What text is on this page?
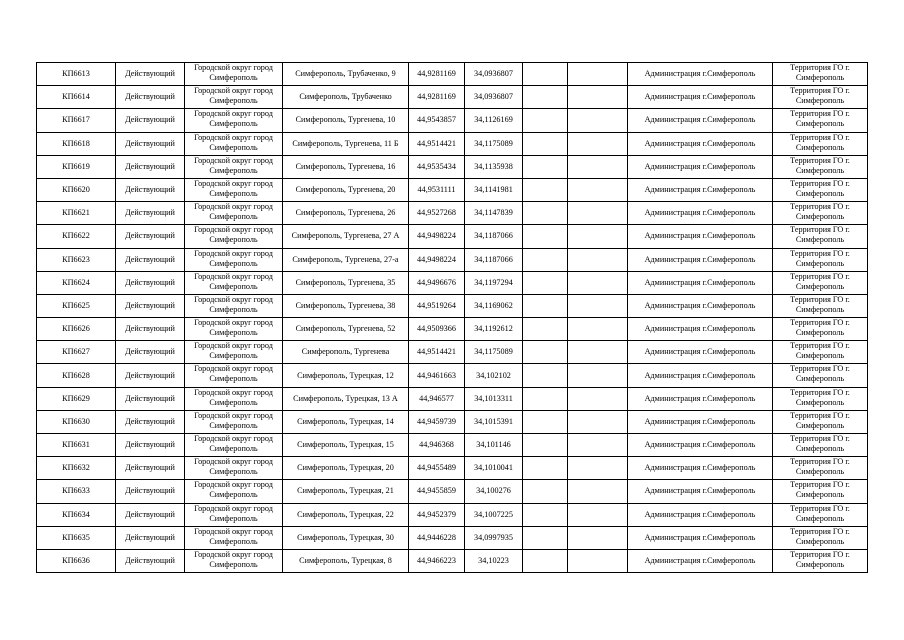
КП6613	Действующий	Городской округ город Симферополь	Симферополь, Трубаченко, 9	44,9281169	34,0936807			Администрация г.Симферополь	Территория ГО г. Симферополь
КП6614	Действующий	Городской округ город Симферополь	Симферополь, Трубаченко	44,9281169	34,0936807			Администрация г.Симферополь	Территория ГО г. Симферополь
КП6617	Действующий	Городской округ город Симферополь	Симферополь, Тургенева, 10	44,9543857	34,1126169			Администрация г.Симферополь	Территория ГО г. Симферополь
КП6618	Действующий	Городской округ город Симферополь	Симферополь, Тургенева, 11 Б	44,9514421	34,1175089			Администрация г.Симферополь	Территория ГО г. Симферополь
КП6619	Действующий	Городской округ город Симферополь	Симферополь, Тургенева, 16	44,9535434	34,1135938			Администрация г.Симферополь	Территория ГО г. Симферополь
КП6620	Действующий	Городской округ город Симферополь	Симферополь, Тургенева, 20	44,9531111	34,1141981			Администрация г.Симферополь	Территория ГО г. Симферополь
КП6621	Действующий	Городской округ город Симферополь	Симферополь, Тургенева, 26	44,9527268	34,1147839			Администрация г.Симферополь	Территория ГО г. Симферополь
КП6622	Действующий	Городской округ город Симферополь	Симферополь, Тургенева, 27 А	44,9498224	34,1187066			Администрация г.Симферополь	Территория ГО г. Симферополь
КП6623	Действующий	Городской округ город Симферополь	Симферополь, Тургенева, 27-а	44,9498224	34,1187066			Администрация г.Симферополь	Территория ГО г. Симферополь
КП6624	Действующий	Городской округ город Симферополь	Симферополь, Тургенева, 35	44,9496676	34,1197294			Администрация г.Симферополь	Территория ГО г. Симферополь
КП6625	Действующий	Городской округ город Симферополь	Симферополь, Тургенева, 38	44,9519264	34,1169062			Администрация г.Симферополь	Территория ГО г. Симферополь
КП6626	Действующий	Городской округ город Симферополь	Симферополь, Тургенева, 52	44,9509366	34,1192612			Администрация г.Симферополь	Территория ГО г. Симферополь
КП6627	Действующий	Городской округ город Симферополь	Симферополь, Тургенева	44,9514421	34,1175089			Администрация г.Симферополь	Территория ГО г. Симферополь
КП6628	Действующий	Городской округ город Симферополь	Симферополь, Турецкая, 12	44,9461663	34,102102			Администрация г.Симферополь	Территория ГО г. Симферополь
КП6629	Действующий	Городской округ город Симферополь	Симферополь, Турецкая, 13 А	44,946577	34,1013311			Администрация г.Симферополь	Территория ГО г. Симферополь
КП6630	Действующий	Городской округ город Симферополь	Симферополь, Турецкая, 14	44,9459739	34,1015391			Администрация г.Симферополь	Территория ГО г. Симферополь
КП6631	Действующий	Городской округ город Симферополь	Симферополь, Турецкая, 15	44,946368	34,101146			Администрация г.Симферополь	Территория ГО г. Симферополь
КП6632	Действующий	Городской округ город Симферополь	Симферополь, Турецкая, 20	44,9455489	34,1010041			Администрация г.Симферополь	Территория ГО г. Симферополь
КП6633	Действующий	Городской округ город Симферополь	Симферополь, Турецкая, 21	44,9455859	34,100276			Администрация г.Симферополь	Территория ГО г. Симферополь
КП6634	Действующий	Городской округ город Симферополь	Симферополь, Турецкая, 22	44,9452379	34,1007225			Администрация г.Симферополь	Территория ГО г. Симферополь
КП6635	Действующий	Городской округ город Симферополь	Симферополь, Турецкая, 30	44,9446228	34,0997935			Администрация г.Симферополь	Территория ГО г. Симферополь
КП6636	Действующий	Городской округ город Симферополь	Симферополь, Турецкая, 8	44,9466223	34,10223			Администрация г.Симферополь	Территория ГО г. Симферополь
